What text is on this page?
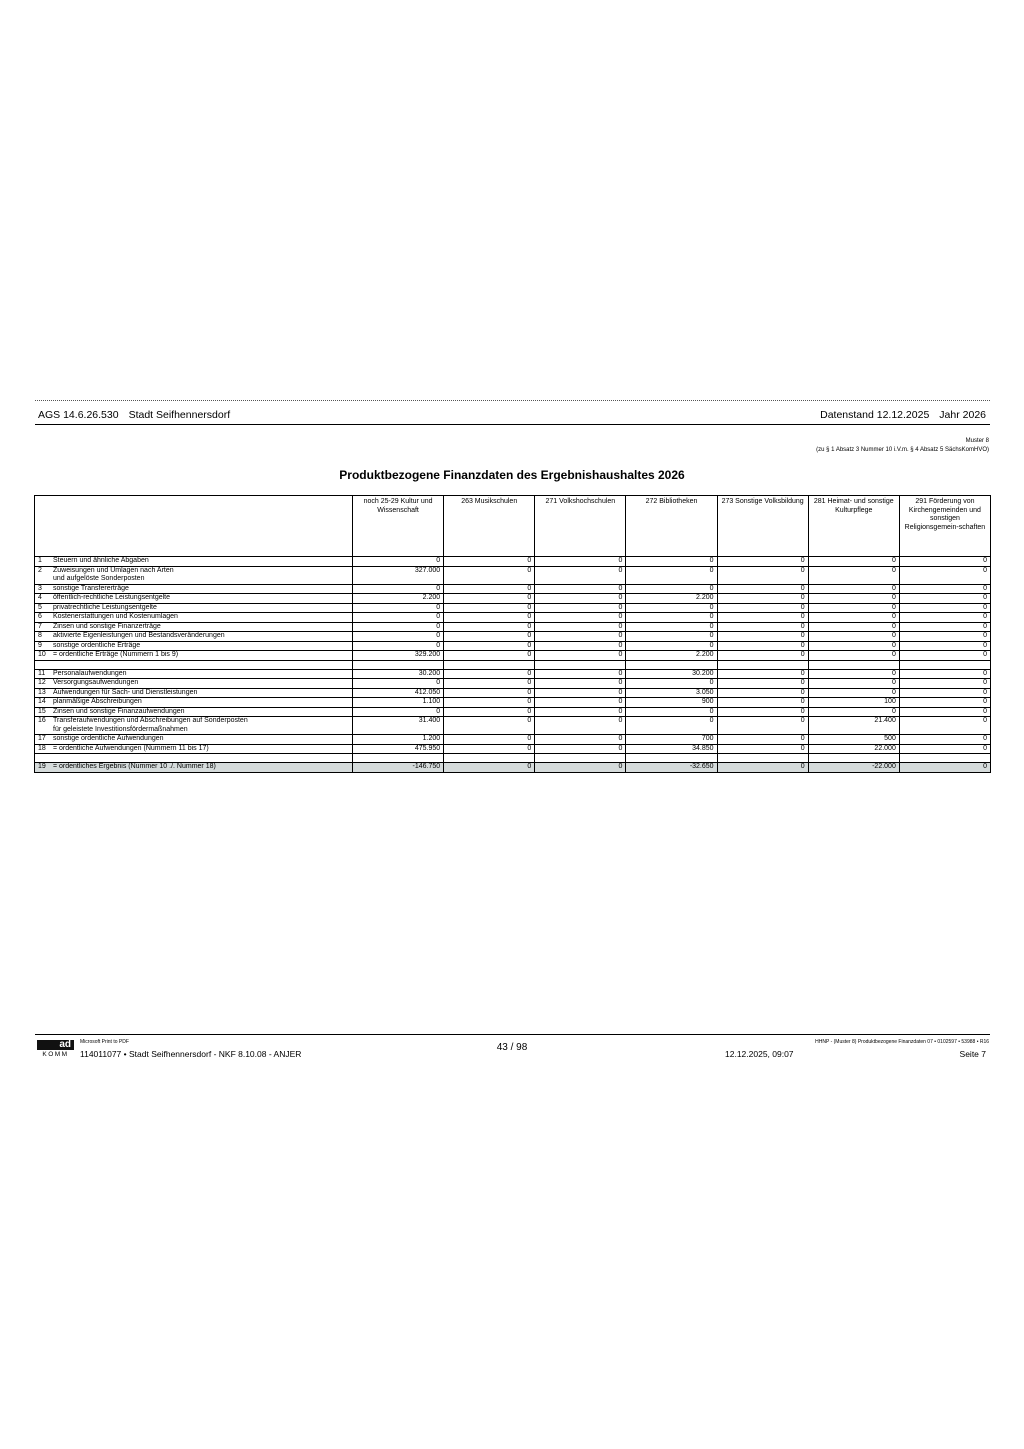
AGS 14.6.26.530 Stadt Seifhennersdorf	Datenstand 12.12.2025 Jahr 2026
Muster 8
(zu § 1 Absatz 3 Nummer 10 i.V.m. § 4 Absatz 5 SächsKomHVO)
Produktbezogene Finanzdaten des Ergebnishaushaltes 2026
	noch 25-29 Kultur und Wissenschaft	263 Musikschulen	271 Volkshochschulen	272 Bibliotheken	273 Sonstige Volksbildung	281 Heimat- und sonstige Kulturpflege	291 Förderung von Kirchengemeinden und sonstigen Religionsgemein-schaften
1 Steuern und ähnliche Abgaben	0	0	0	0	0	0	0
2 Zuweisungen und Umlagen nach Arten
und aufgelöste Sonderposten	327.000	0	0	0	0	0	0
3 sonstige Transfererträge	0	0	0	0	0	0	0
4 öffentlich-rechtliche Leistungsentgelte	2.200	0	0	2.200	0	0	0
5 privatrechtliche Leistungsentgelte	0	0	0	0	0	0	0
6 Kostenerstattungen und Kostenumlagen	0	0	0	0	0	0	0
7 Zinsen und sonstige Finanzerträge	0	0	0	0	0	0	0
8 aktivierte Eigenleistungen und Bestandsveränderungen	0	0	0	0	0	0	0
9 sonstige ordentliche Erträge	0	0	0	0	0	0	0
10 = ordentliche Erträge (Nummern 1 bis 9)	329.200	0	0	2.200	0	0	0

11 Personalaufwendungen	30.200	0	0	30.200	0	0	0
12 Versorgungsaufwendungen	0	0	0	0	0	0	0
13 Aufwendungen für Sach- und Dienstleistungen	412.050	0	0	3.050	0	0	0
14 planmäßige Abschreibungen	1.100	0	0	900	0	100	0
15 Zinsen und sonstige Finanzaufwendungen	0	0	0	0	0	0	0
16 Transferaufwendungen und Abschreibungen auf Sonderposten
für geleistete Investitionsfördermaßnahmen	31.400	0	0	0	0	21.400	0
17 sonstige ordentliche Aufwendungen	1.200	0	0	700	0	500	0
18 = ordentliche Aufwendungen (Nummern 11 bis 17)	475.950	0	0	34.850	0	22.000	0

19 = ordentliches Ergebnis (Nummer 10 ./. Nummer 18)	-146.750	0	0	-32.650	0	-22.000	0
ad
KOMM
Microsoft Print to PDF
114011077 • Stadt Seifhennersdorf - NKF 8.10.08 - ANJER
43 / 98
12.12.2025, 09:07
HHNP - (Muster 8) Produktbezogene Finanzdaten 07 • 0102597 • 53988 • R16
Seite 7
